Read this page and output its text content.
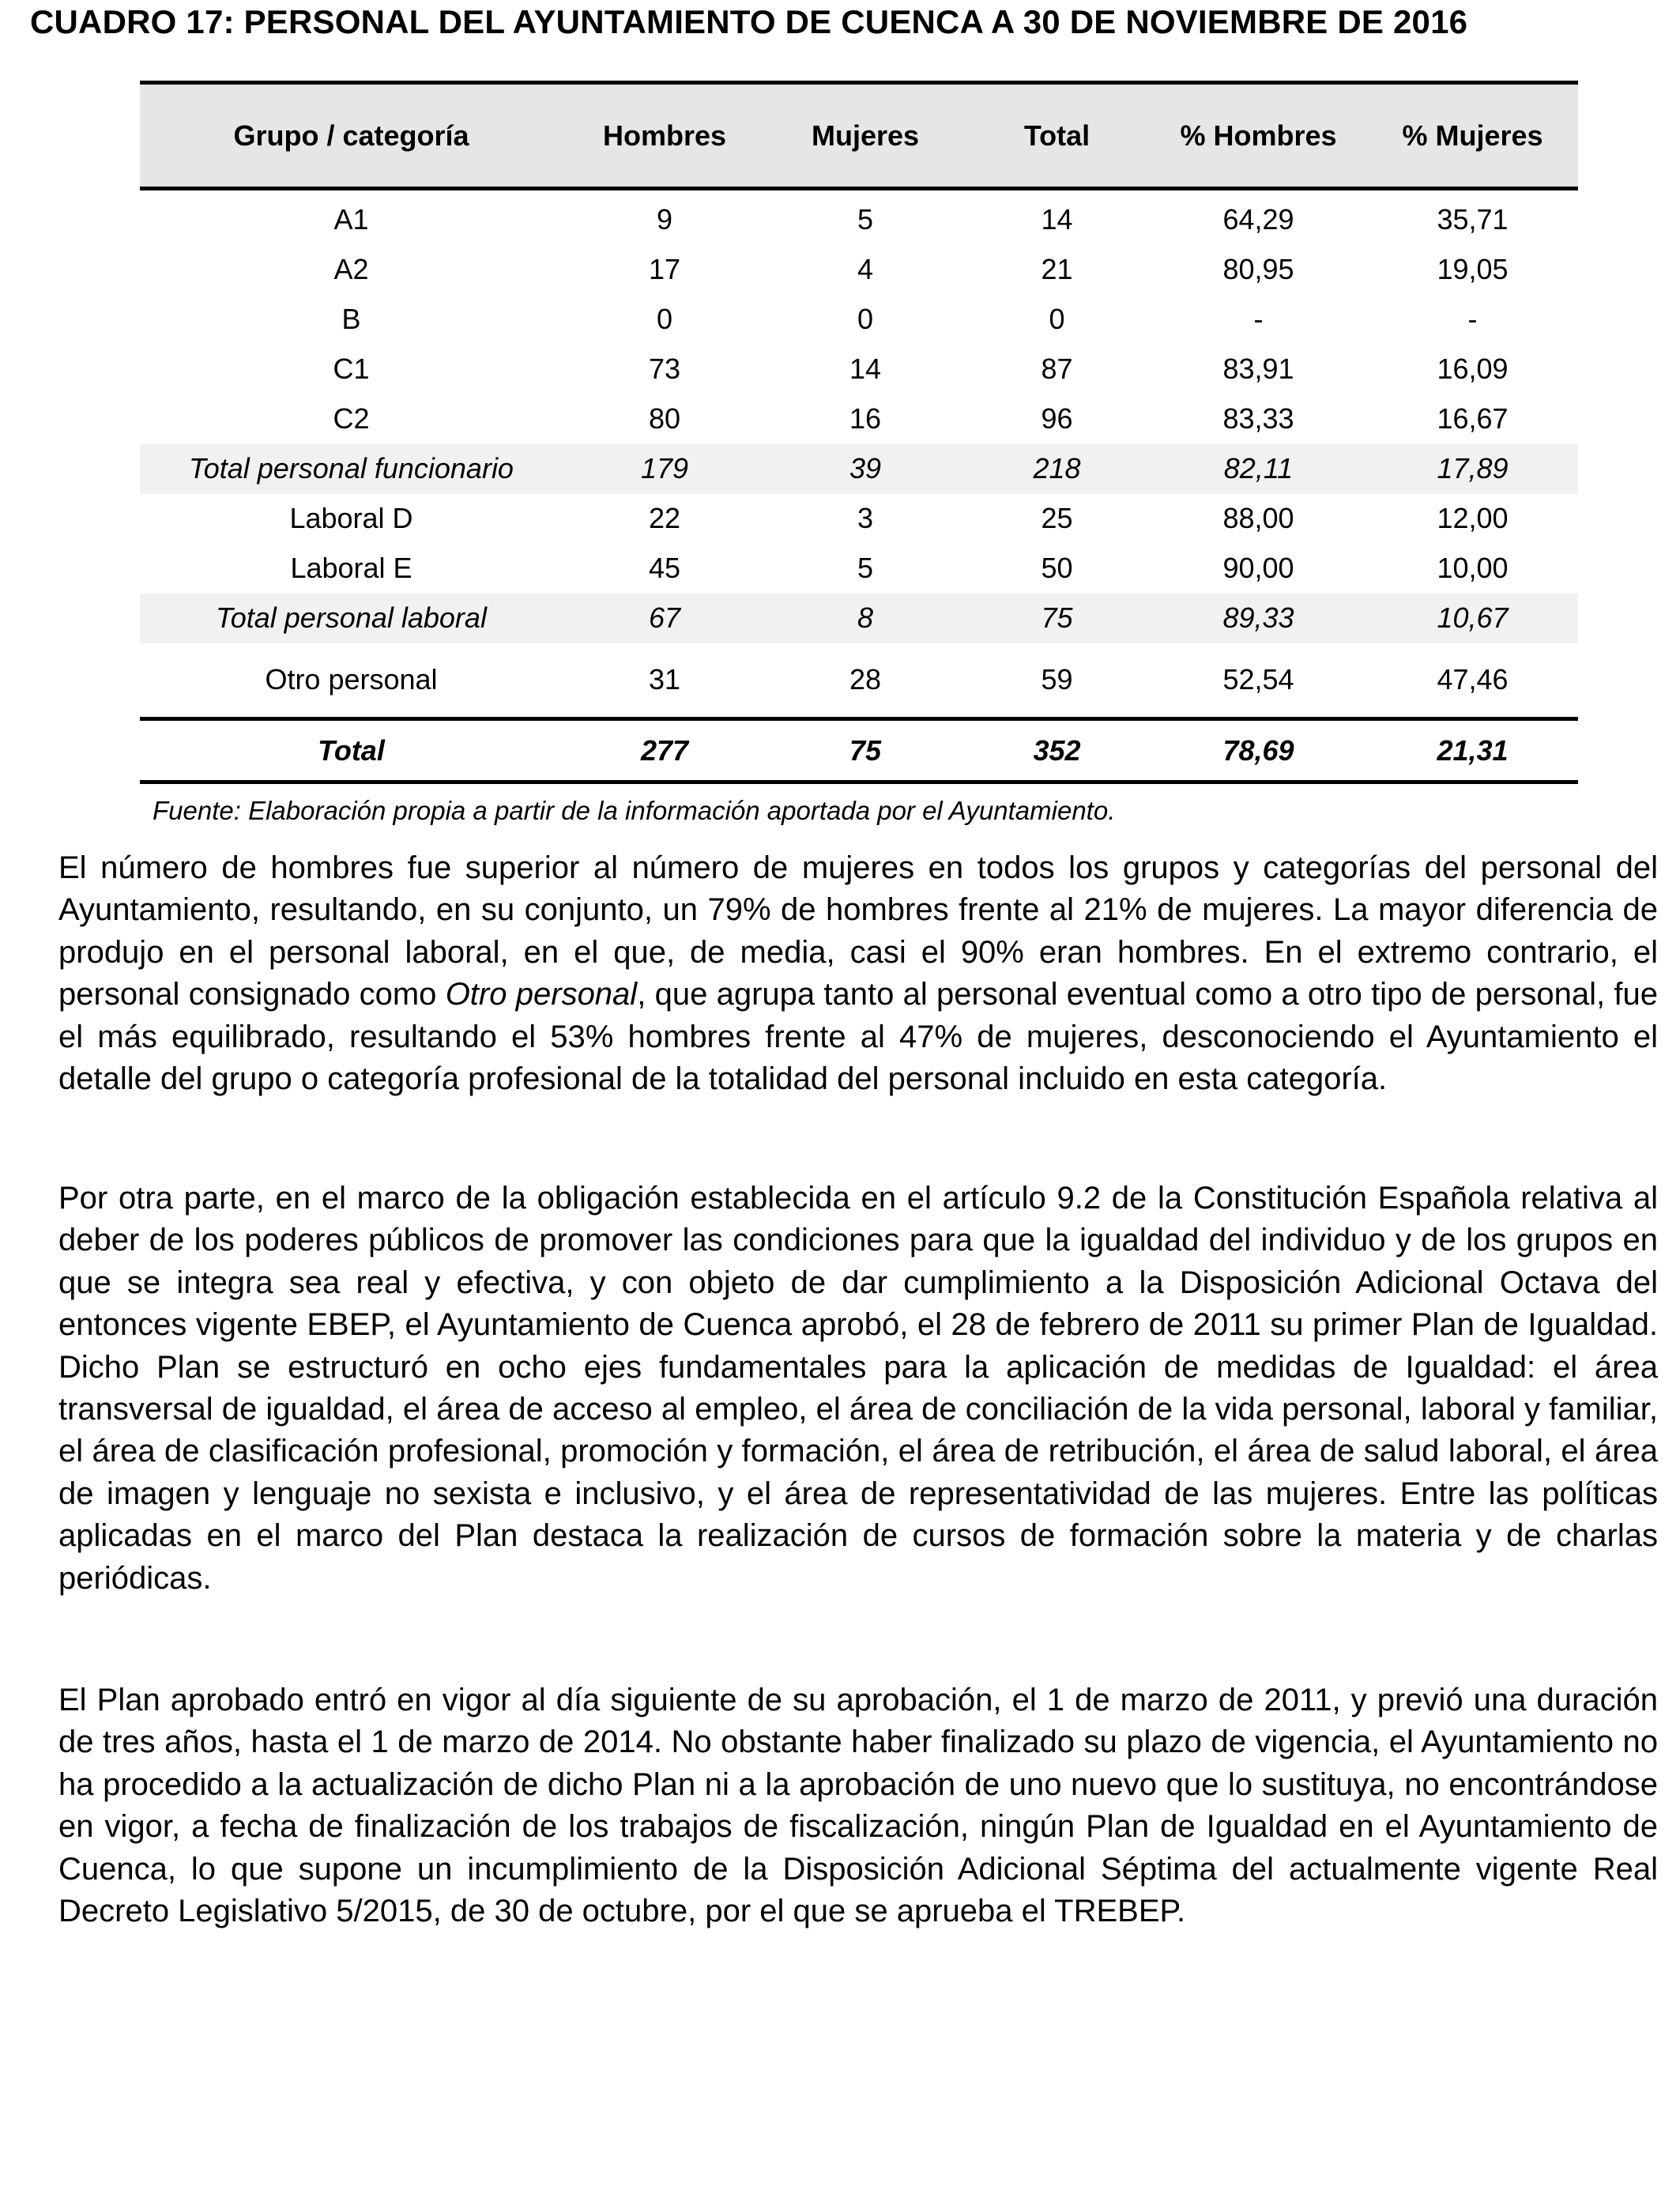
CUADRO 17: PERSONAL DEL AYUNTAMIENTO DE CUENCA A 30 DE NOVIEMBRE DE 2016
Grupo / categoría	Hombres	Mujeres	Total	% Hombres	% Mujeres

A1	9	5	14	64,29	35,71
A2	17	4	21	80,95	19,05
B	0	0	0	-	-
C1	73	14	87	83,91	16,09
C2	80	16	96	83,33	16,67
Total personal funcionario	179	39	218	82,11	17,89
Laboral D	22	3	25	88,00	12,00
Laboral E	45	5	50	90,00	10,00
Total personal laboral	67	8	75	89,33	10,67
Otro personal	31	28	59	52,54	47,46
Total	277	75	352	78,69	21,31
Fuente: Elaboración propia a partir de la información aportada por el Ayuntamiento.

El número de hombres fue superior al número de mujeres en todos los grupos y categorías del personal del Ayuntamiento, resultando, en su conjunto, un 79% de hombres frente al 21% de mujeres. La mayor diferencia de produjo en el personal laboral, en el que, de media, casi el 90% eran hombres. En el extremo contrario, el personal consignado como Otro personal, que agrupa tanto al personal eventual como a otro tipo de personal, fue el más equilibrado, resultando el 53% hombres frente al 47% de mujeres, desconociendo el Ayuntamiento el detalle del grupo o categoría profesional de la totalidad del personal incluido en esta categoría.

Por otra parte, en el marco de la obligación establecida en el artículo 9.2 de la Constitución Española relativa al deber de los poderes públicos de promover las condiciones para que la igualdad del individuo y de los grupos en que se integra sea real y efectiva, y con objeto de dar cumplimiento a la Disposición Adicional Octava del entonces vigente EBEP, el Ayuntamiento de Cuenca aprobó, el 28 de febrero de 2011 su primer Plan de Igualdad. Dicho Plan se estructuró en ocho ejes fundamentales para la aplicación de medidas de Igualdad: el área transversal de igualdad, el área de acceso al empleo, el área de conciliación de la vida personal, laboral y familiar, el área de clasificación profesional, promoción y formación, el área de retribución, el área de salud laboral, el área de imagen y lenguaje no sexista e inclusivo, y el área de representatividad de las mujeres. Entre las políticas aplicadas en el marco del Plan destaca la realización de cursos de formación sobre la materia y de charlas periódicas.

El Plan aprobado entró en vigor al día siguiente de su aprobación, el 1 de marzo de 2011, y previó una duración de tres años, hasta el 1 de marzo de 2014. No obstante haber finalizado su plazo de vigencia, el Ayuntamiento no ha procedido a la actualización de dicho Plan ni a la aprobación de uno nuevo que lo sustituya, no encontrándose en vigor, a fecha de finalización de los trabajos de fiscalización, ningún Plan de Igualdad en el Ayuntamiento de Cuenca, lo que supone un incumplimiento de la Disposición Adicional Séptima del actualmente vigente Real Decreto Legislativo 5/2015, de 30 de octubre, por el que se aprueba el TREBEP.
